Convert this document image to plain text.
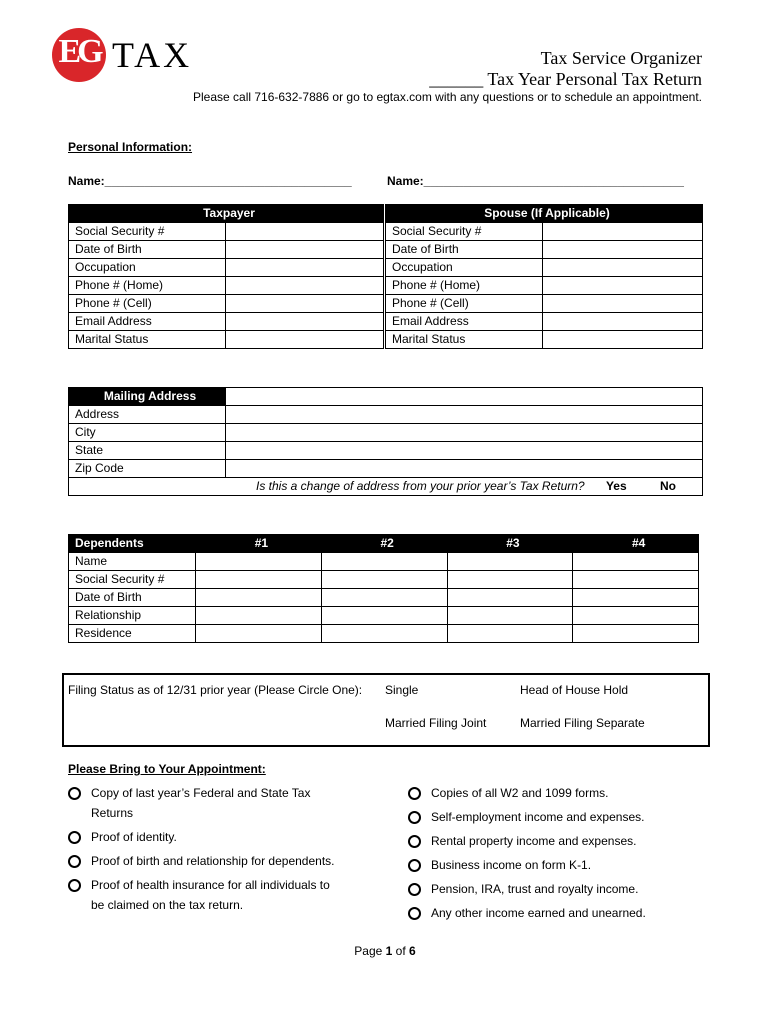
EG TAX	Tax Service Organizer
______ Tax Year Personal Tax Return
Please call 716-632-7886 or go to egtax.com with any questions or to schedule an appointment.
Personal Information:
Name:_____________________________________	Name:_______________________________________
Taxpayer	
Social Security #	
Date of Birth	
Occupation	
Phone # (Home)	
Phone # (Cell)	
Email Address	
Marital Status	
Spouse (If Applicable)	
Social Security #	
Date of Birth	
Occupation	
Phone # (Home)	
Phone # (Cell)	
Email Address	
Marital Status	
Mailing Address	
Address	
City	
State	
Zip Code	
Is this a change of address from your prior year’s Tax Return? Yes No	
Dependents	#1	#2	#3	#4
Name				
Social Security #				
Date of Birth				
Relationship				
Residence				
Filing Status as of 12/31 prior year (Please Circle One): Single	Head of House Hold
Married Filing Joint	Married Filing Separate
Please Bring to Your Appointment:
Copy of last year’s Federal and State Tax
Returns
Proof of identity.
Proof of birth and relationship for dependents.
Proof of health insurance for all individuals to
be claimed on the tax return.
Copies of all W2 and 1099 forms.
Self-employment income and expenses.
Rental property income and expenses.
Business income on form K-1.
Pension, IRA, trust and royalty income.
Any other income earned and unearned.
Page 1 of 6
